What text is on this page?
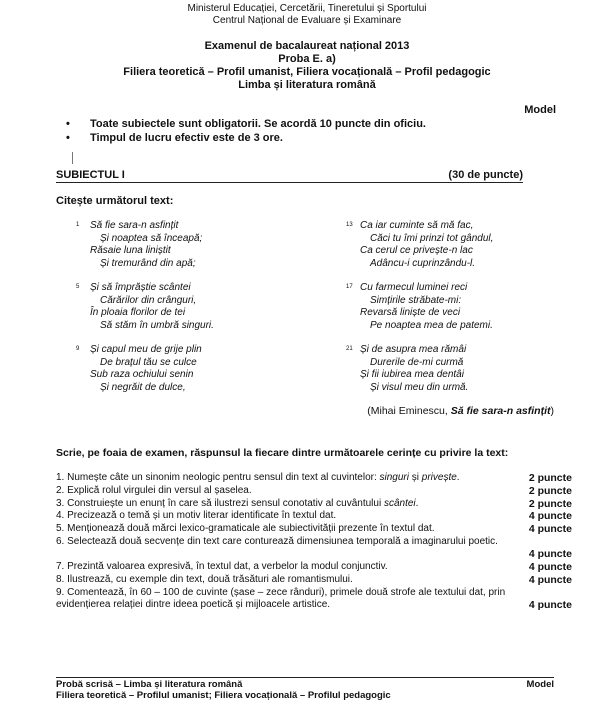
Ministerul Educației, Cercetării, Tineretului și Sportului
Centrul Național de Evaluare și Examinare
Examenul de bacalaureat național 2013
Proba E. a)
Filiera teoretică – Profil umanist, Filiera vocațională – Profil pedagogic
Limba și literatura română
Model
• Toate subiectele sunt obligatorii. Se acordă 10 puncte din oficiu.
• Timpul de lucru efectiv este de 3 ore.
SUBIECTUL I	(30 de puncte)
Citește următorul text:
1 Să fie sara-n asfințit
Și noaptea să înceapă;
Răsaie luna liniștit
Și tremurând din apă;
5 Și să împrăștie scântei
Cărărilor din crânguri,
În ploaia florilor de tei
Să stăm în umbră singuri.
9 Și capul meu de grije plin
De brațul tău se culce
Sub raza ochiului senin
Și negrăit de dulce,
13 Ca iar cuminte să mă fac,
Căci tu îmi prinzi tot gândul,
Ca cerul ce privește-n lac
Adâncu-i cuprinzându-l.
17 Cu farmecul luminei reci
Simțirile străbate-mi:
Revarsă liniște de veci
Pe noaptea mea de patemi.
21 Și de asupra mea rămâi
Durerile de-mi curmă
Și fii iubirea mea dentâi
Și visul meu din urmă.
(Mihai Eminescu, Să fie sara-n asfințit)
Scrie, pe foaia de examen, răspunsul la fiecare dintre următoarele cerințe cu privire la text:
1. Numește câte un sinonim neologic pentru sensul din text al cuvintelor: singuri și privește.	2 puncte
2. Explică rolul virgulei din versul al șaselea.	2 puncte
3. Construiește un enunț în care să ilustrezi sensul conotativ al cuvântului scântei.	2 puncte
4. Precizează o temă și un motiv literar identificate în textul dat.	4 puncte
5. Menționează două mărci lexico-gramaticale ale subiectivității prezente în textul dat.	4 puncte
6. Selectează două secvențe din text care conturează dimensiunea temporală a imaginarului poetic.
4 puncte
7. Prezintă valoarea expresivă, în textul dat, a verbelor la modul conjunctiv.	4 puncte
8. Ilustrează, cu exemple din text, două trăsături ale romantismului.	4 puncte
9. Comentează, în 60 – 100 de cuvinte (șase – zece rânduri), primele două strofe ale textului dat, prin
evidențierea relației dintre ideea poetică și mijloacele artistice.	4 puncte
Probă scrisă – Limba și literatura română	Model
Filiera teoretică – Profilul umanist; Filiera vocațională – Profilul pedagogic
